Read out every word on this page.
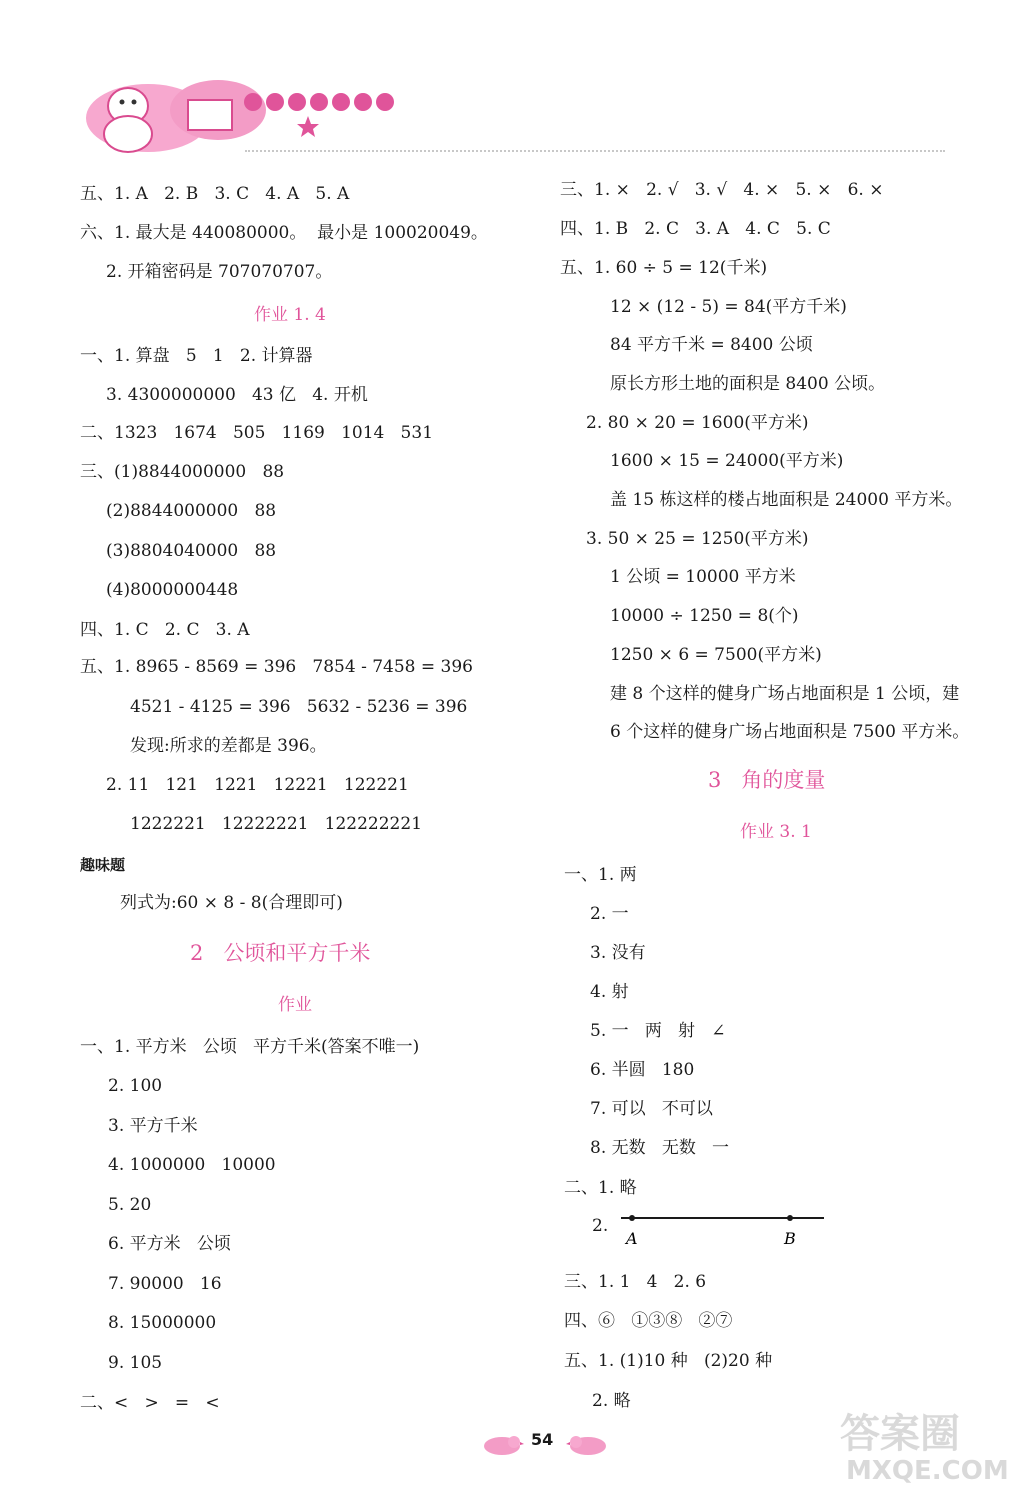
五、1. A   2. B   3. C   4. A   5. A
六、1. 最大是 440080000。  最小是 100020049。
2. 开箱密码是 707070707。
作业 1. 4
一、1. 算盘   5   1   2. 计算器
3. 4300000000   43 亿   4. 开机
二、1323   1674   505   1169   1014   531
三、(1)8844000000   88
(2)8844000000   88
(3)8804040000   88
(4)8000000448
四、1. C   2. C   3. A
五、1. 8965 - 8569 = 396   7854 - 7458 = 396
4521 - 4125 = 396   5632 - 5236 = 396
发现:所求的差都是 396。
2. 11   121   1221   12221   122221
1222221   12222221   122222221
趣味题
列式为:60 × 8 - 8(合理即可)
2   公顷和平方千米
作业
一、1. 平方米   公顷   平方千米(答案不唯一)
2. 100
3. 平方千米
4. 1000000   10000
5. 20
6. 平方米   公顷
7. 90000   16
8. 15000000
9. 105
二、<   >   =   <
三、1. ×   2. √   3. √   4. ×   5. ×   6. ×
四、1. B   2. C   3. A   4. C   5. C
五、1. 60 ÷ 5 = 12(千米)
12 × (12 - 5) = 84(平方千米)
84 平方千米 = 8400 公顷
原长方形土地的面积是 8400 公顷。
2. 80 × 20 = 1600(平方米)
1600 × 15 = 24000(平方米)
盖 15 栋这样的楼占地面积是 24000 平方米。
3. 50 × 25 = 1250(平方米)
1 公顷 = 10000 平方米
10000 ÷ 1250 = 8(个)
1250 × 6 = 7500(平方米)
建 8 个这样的健身广场占地面积是 1 公顷，建
6 个这样的健身广场占地面积是 7500 平方米。
3   角的度量
作业 3. 1
一、1. 两
2. 一
3. 没有
4. 射
5. 一   两   射   ∠
6. 半圆   180
7. 可以   不可以
8. 无数   无数   一
二、1. 略
2.
A	B
三、1. 1   4   2. 6
四、⑥   ①③⑧   ②⑦
五、1. (1)10 种   (2)20 种
2. 略
54	答案圈
MXQE.COM
